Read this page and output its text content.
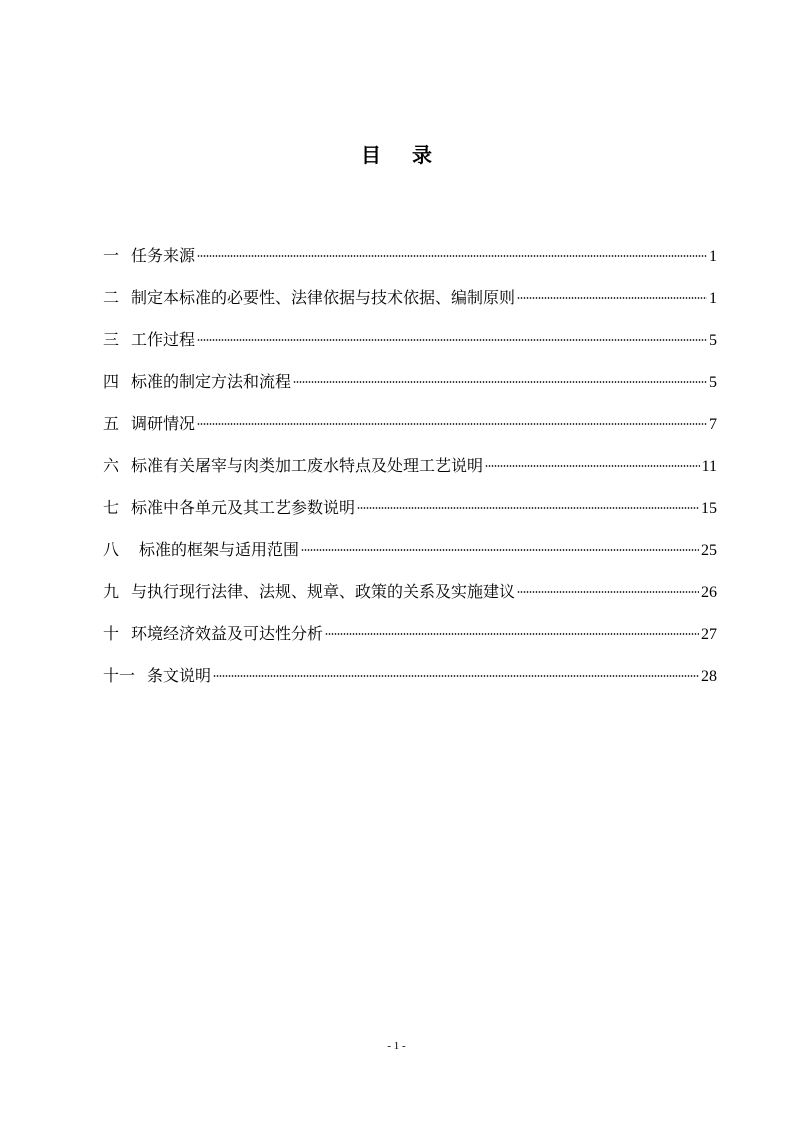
目 录
一 任务来源	1
二 制定本标准的必要性、法律依据与技术依据、编制原则	1
三 工作过程	5
四 标准的制定方法和流程	5
五 调研情况	7
六 标准有关屠宰与肉类加工废水特点及处理工艺说明	11
七 标准中各单元及其工艺参数说明	15
八 标准的框架与适用范围	25
九 与执行现行法律、法规、规章、政策的关系及实施建议	26
十 环境经济效益及可达性分析	27
十一 条文说明	28
- 1 -
